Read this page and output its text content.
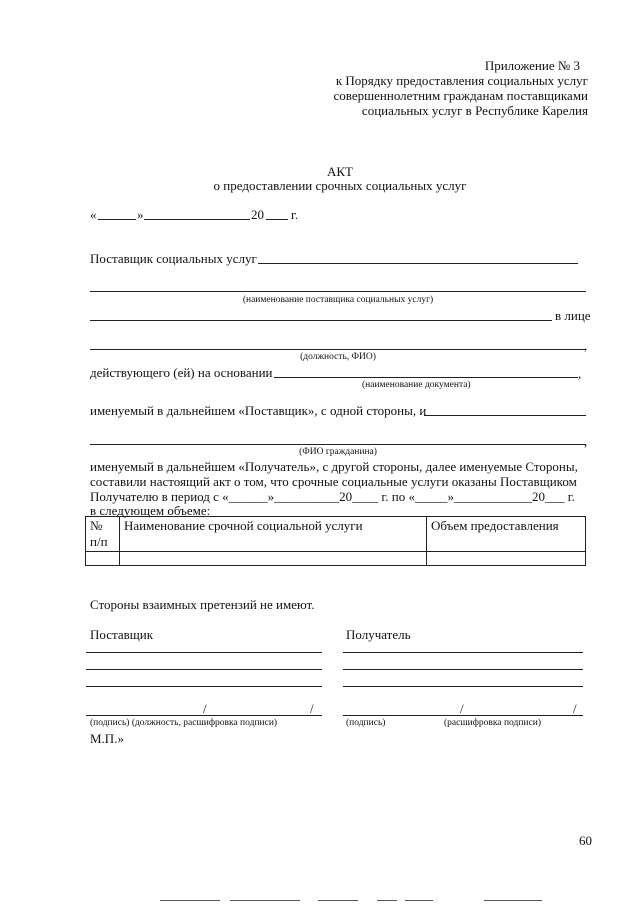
Приложение № 3
к Порядку предоставления социальных услуг
совершеннолетним гражданам поставщиками
социальных услуг в Республике Карелия
АКТ
о предоставлении срочных социальных услуг
«	»	20 г.
Поставщик социальных услуг
(наименование поставщика социальных услуг)
в лице
,
(должность, ФИО)
действующего (ей) на основании	,
(наименование документа)
именуемый в дальнейшем «Поставщик», с одной стороны, и
,
(ФИО гражданина)
именуемый в дальнейшем «Получатель», с другой стороны, далее именуемые Стороны,
составили настоящий акт о том, что срочные социальные услуги оказаны Поставщиком
Получателю в период с «______»__________20____ г. по «_____»____________20___ г.
в следующем объеме:
№ п/п	Наименование срочной социальной услуги	Объем предоставления

Стороны взаимных претензий не имеют.
Поставщик
/	/
(подпись) (должность, расшифровка подписи)
М.П.»
Получатель
/	/
(подпись)	(расшифровка подписи)
60
